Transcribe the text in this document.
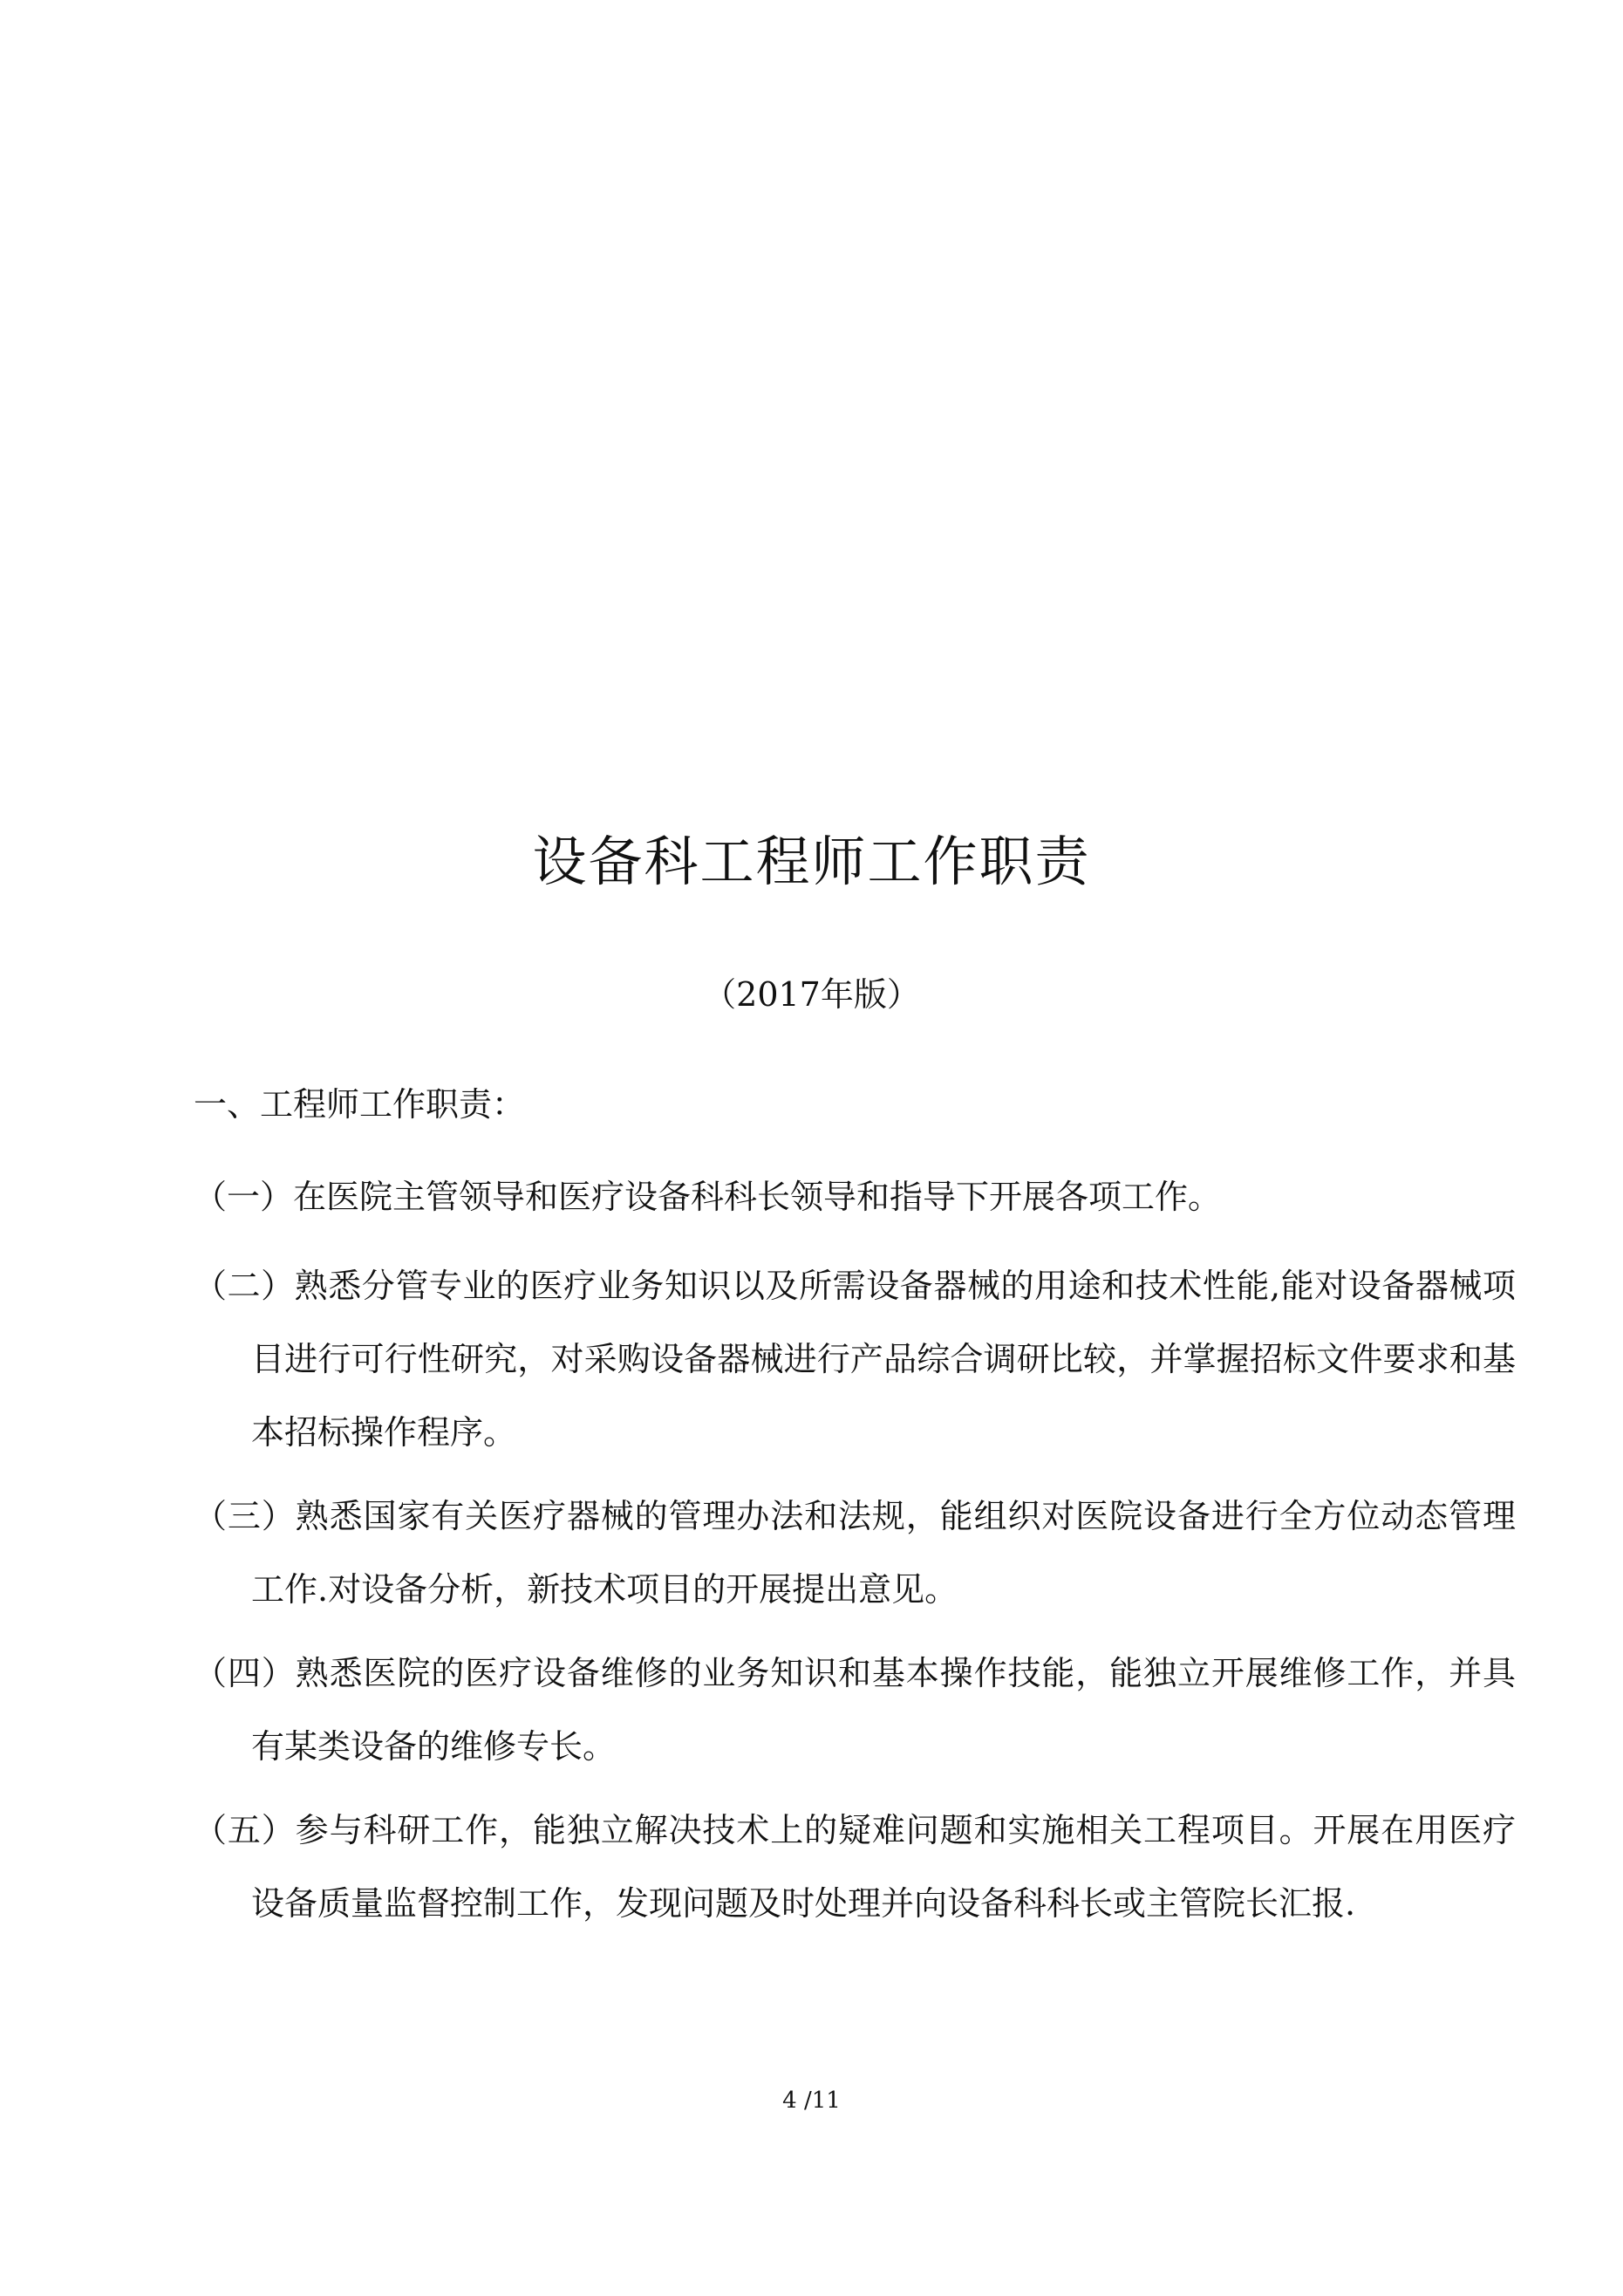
设备科工程师工作职责

（2017年版）

一、工程师工作职责：

（一）在医院主管领导和医疗设备科科长领导和指导下开展各项工作。

（二）熟悉分管专业的医疗业务知识以及所需设备器械的用途和技术性能,能对设备器械项目进行可行性研究，对采购设备器械进行产品综合调研比较，并掌握招标文件要求和基本招标操作程序。

（三）熟悉国家有关医疗器械的管理办法和法规，能组织对医院设备进行全方位动态管理工作.对设备分析，新技术项目的开展提出意见。

（四）熟悉医院的医疗设备维修的业务知识和基本操作技能，能独立开展维修工作，并具有某类设备的维修专长。

（五）参与科研工作，能独立解决技术上的疑难问题和实施相关工程项目。开展在用医疗设备质量监督控制工作，发现问题及时处理并向设备科科长或主管院长汇报.

4 /11
